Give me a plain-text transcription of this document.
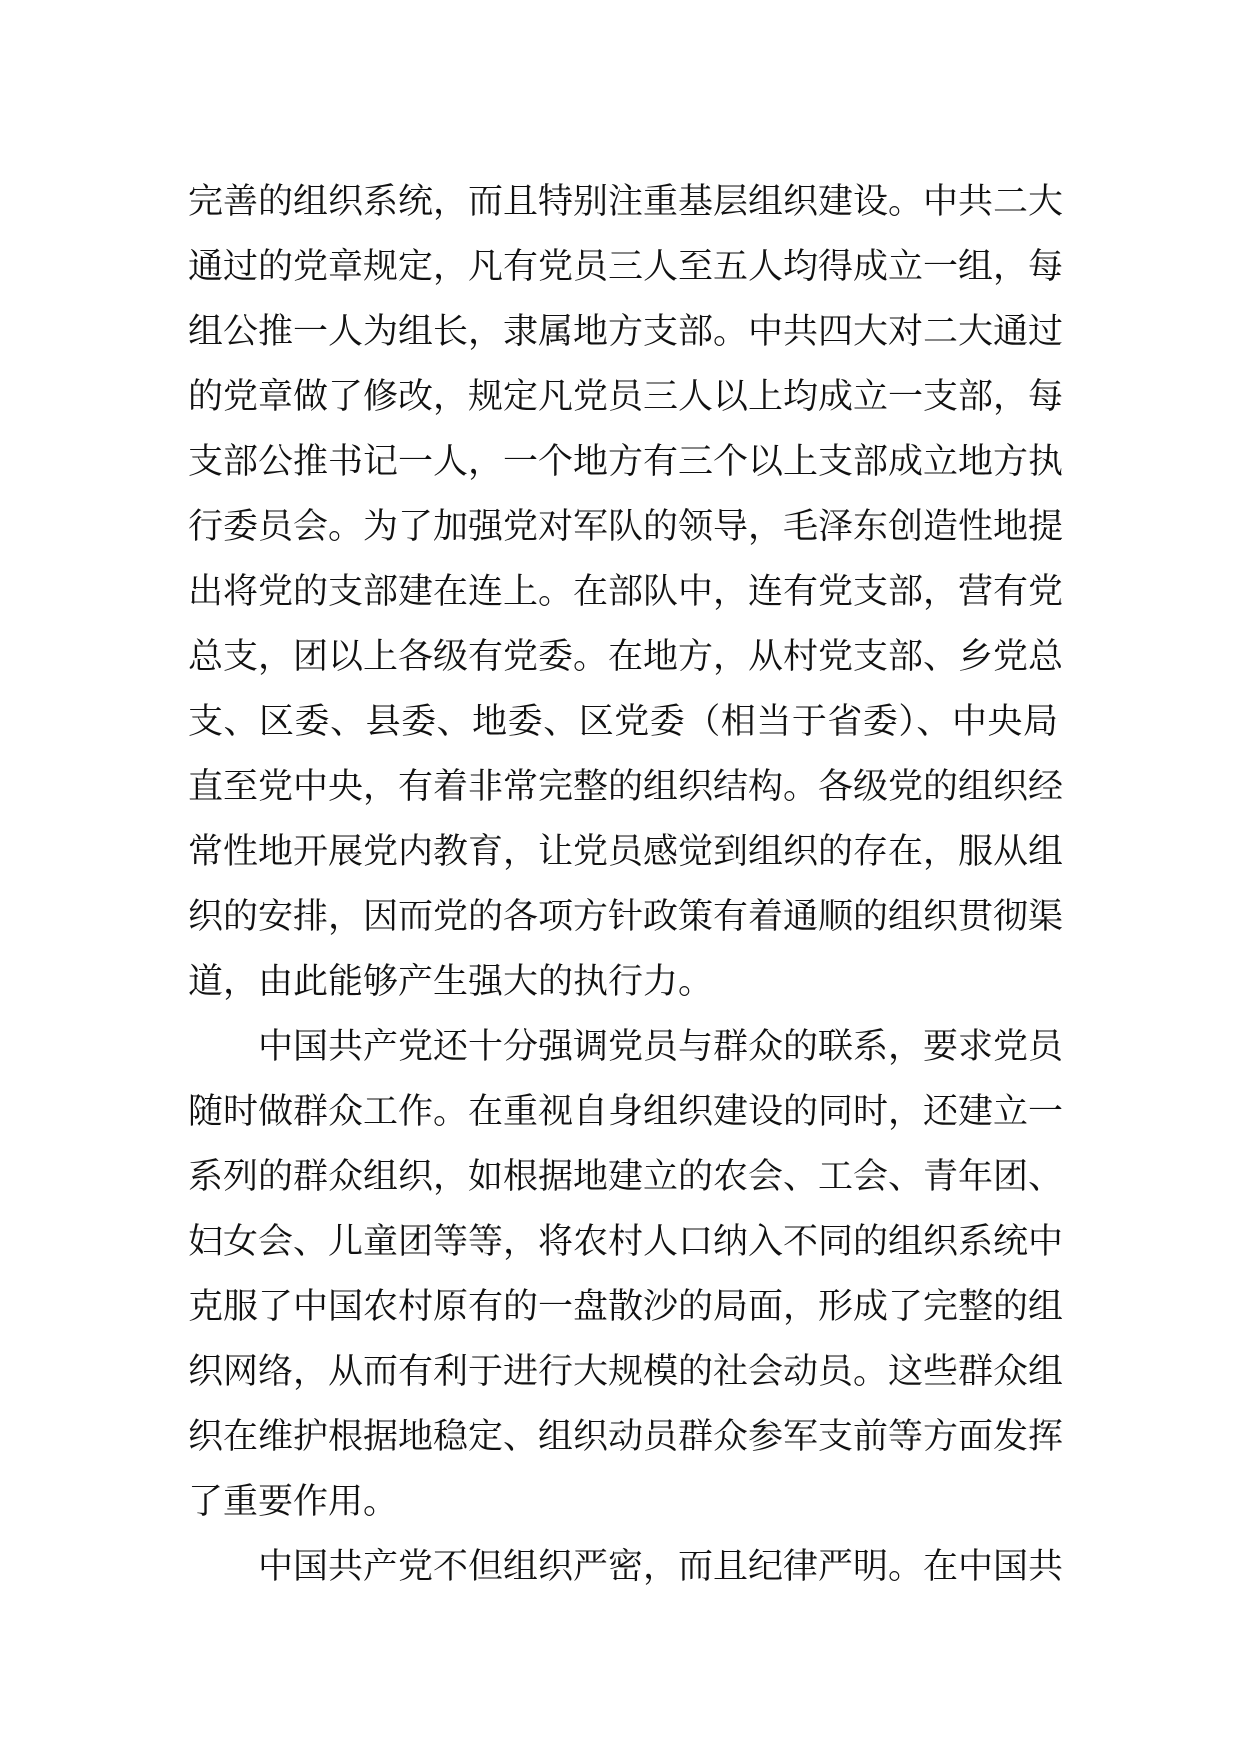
完善的组织系统，而且特别注重基层组织建设。中共二大
通过的党章规定，凡有党员三人至五人均得成立一组，每
组公推一人为组长，隶属地方支部。中共四大对二大通过
的党章做了修改，规定凡党员三人以上均成立一支部，每
支部公推书记一人，一个地方有三个以上支部成立地方执
行委员会。为了加强党对军队的领导，毛泽东创造性地提
出将党的支部建在连上。在部队中，连有党支部，营有党
总支，团以上各级有党委。在地方，从村党支部、乡党总
支、区委、县委、地委、区党委（相当于省委）、中央局
直至党中央，有着非常完整的组织结构。各级党的组织经
常性地开展党内教育，让党员感觉到组织的存在，服从组
织的安排，因而党的各项方针政策有着通顺的组织贯彻渠
道，由此能够产生强大的执行力。
中国共产党还十分强调党员与群众的联系，要求党员
随时做群众工作。在重视自身组织建设的同时，还建立一
系列的群众组织，如根据地建立的农会、工会、青年团、
妇女会、儿童团等等，将农村人口纳入不同的组织系统中
克服了中国农村原有的一盘散沙的局面，形成了完整的组
织网络，从而有利于进行大规模的社会动员。这些群众组
织在维护根据地稳定、组织动员群众参军支前等方面发挥
了重要作用。
中国共产党不但组织严密，而且纪律严明。在中国共
